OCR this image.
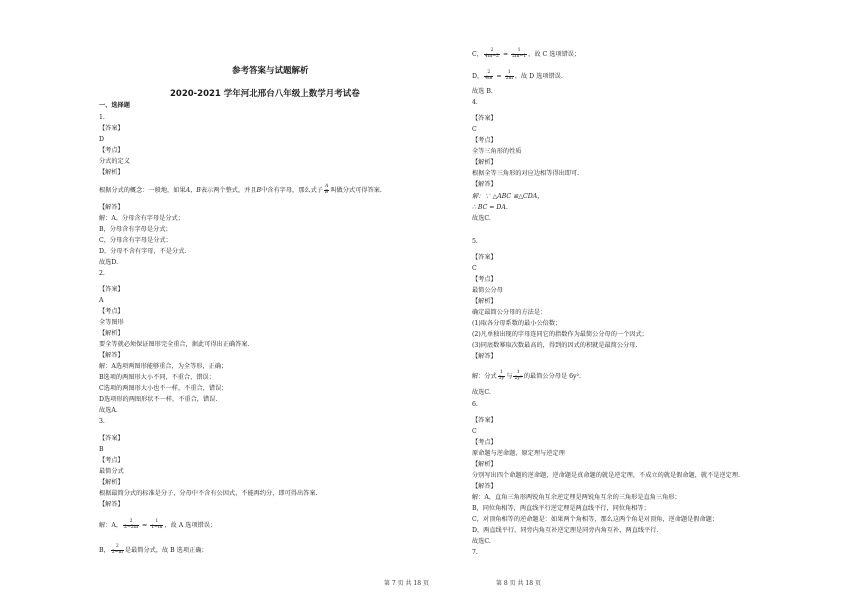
参考答案与试题解析
2020-2021 学年河北邢台八年级上数学月考试卷
一、选择题
1.
【答案】
D
【考点】
分式的定义
【解析】
根据分式的概念：一般地，如果A、B表示两个整式，并且B中含有字母，那么式子 $\frac{A}{B}$ 叫做分式可得答案.
【解答】
解：A，分母含有字母是分式；
B，分母含有字母是分式；
C，分母含有字母是分式；
D，分母不含有字母，不是分式.
故选D.
2.
【答案】
A
【考点】
全等图形
【解析】
要全等就必须保证图形完全重合，据此可得出正确答案.
【解答】
解：A选项两图形能够重合，为全等形，正确；
B选项的两图形大小不同，不重合，错误；
C选项的两图形大小也不一样，不重合，错误；
D选项形的两图形状不一样，不重合，错误.
故选A.
3.
【答案】
B
【考点】
最简分式
【解析】
根据最简分式的标准是分子，分母中不含有公因式，不能再约分，即可得出答案.
【解答】
解：A， $\frac{2}{2-2m} = \frac{1}{1-m}$ ，故 A 选项错误；
B， $\frac{2}{2-m}$ 是最简分式，故 B 选项正确；
第 7 页 共 18 页
C， $\frac{2}{4m-2} = \frac{1}{2m-1}$ ，故 C 选项错误；
D， $\frac{2}{4m} = \frac{1}{2m}$ ，故 D 选项错误.
故选 B.
4.
【答案】
C
【考点】
全等三角形的性质
【解析】
根据全等三角形的对应边相等得出即可.
【解答】
解：∵ △ABC ≌△CDA，
∴ BC = DA.
故选C.
5.
【答案】
C
【考点】
最简公分母
【解析】
确定最简公分母的方法是：
(1)取各分母系数的最小公倍数；
(2)凡单独出现的字母连同它的指数作为最简公分母的一个因式；
(3)同底数幂取次数最高的，得到的因式的积就是最简公分母.
【解答】
解：分式 $\frac{1}{3y}$ 与 $\frac{1}{\text{2y²}}$ 的最简公分母是 6y².
故选C.
6.
【答案】
C
【考点】
原命题与逆命题、原定理与逆定理
【解析】
分别写出四个命题的逆命题，逆命题是真命题的就是逆定理，不成立的就是假命题，就不是逆定理.
【解答】
解：A，直角三角形两锐角互余逆定理是两锐角互余的三角形是直角三角形；
B，同位角相等，两直线平行逆定理是两直线平行，同位角相等；
C，对顶角相等的逆命题是：如果两个角相等，那么这两个角是对顶角，逆命题是假命题；
D，两直线平行，同旁内角互补逆定理是同旁内角互补，两直线平行.
故选C.
7.
第 8 页 共 18 页
